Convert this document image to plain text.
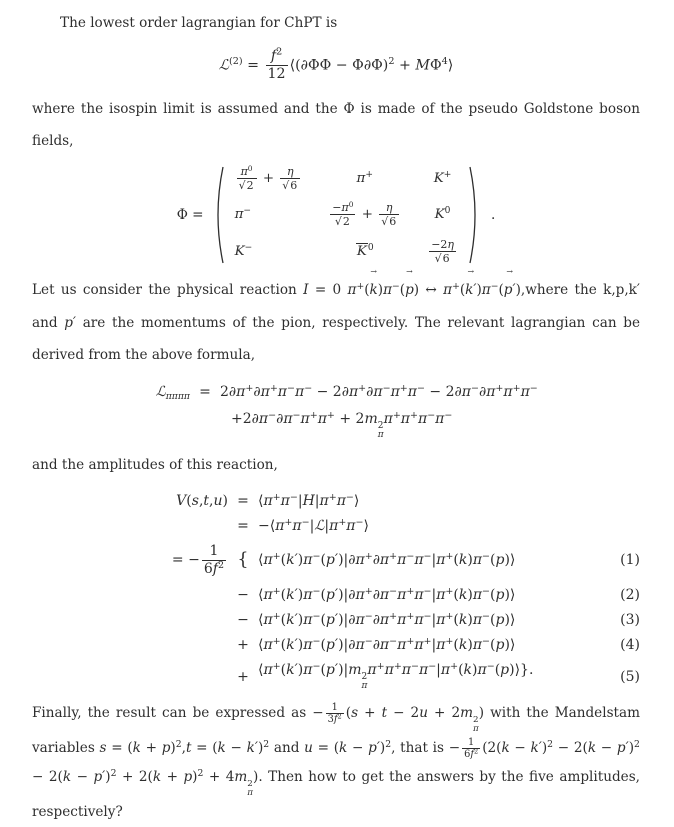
The lowest order lagrangian for ChPT is

ℒ$^{(2)}$ = $\frac{f^2}{12}$ ⟨(∂ΦΦ − $\Phi\partial\Phi)^2 + M\Phi^4⟩$

where the isospin limit is assumed and the Φ is made of the pseudo Goldstone boson fields,

Φ =
$\frac{\pi^0}{√2} + \frac{\eta}{√6}$	π+	K+
π−	$\frac{-\pi^0}{√2} + \frac{\eta}{√6}$	$K^0$
K−	$K^0$	$\frac{-2\eta}{√6}$
.

Let us consider the physical reaction I = 0 π+(k
→
)π−(p
→
) ↔ π+(k′
→
)π−(p′
→
),where the k,p,k′ and p′ are the momentums of the pion, respectively. The relevant lagrangian can be derived from the above formula,

ℒ$_{\pi\pi\pi\pi}$ = 2∂π+∂π+π−π− − 2∂π+∂π−π+π− − 2∂π−∂π+π+π−
+2∂π−∂π−π+π+ + 2m 2
π
π+π+π−π−

and the amplitudes of this reaction,

V(s,t,u) = ⟨π+π−|H|π+π−⟩
= −⟨π+π−|ℒ|π+π−⟩
= − $\frac{1}{6f^2}$ { ⟨π+(k′)π−(p′)|∂π+∂π+π−π−|π+(k)π−(p)⟩	(1)
− ⟨π+(k′)π−(p′)|∂π+∂π−π+π−|π+(k)π−(p)⟩	(2)
− ⟨π+(k′)π−(p′)|∂π−∂π+π+π−|π+(k)π−(p)⟩	(3)
+ ⟨π+(k′)π−(p′)|∂π−∂π−π+π+|π+(k)π−(p)⟩	(4)
+ ⟨π+(k′)π−(p′)|m 2
π
π+π+π−π−|π+(k)π−(p)⟩}.	(5)

Finally, the result can be expressed as − $\frac{1}{3f^2} (s + t - 2u + 2m$ 2
π
) with the Mandelstam variables $s = (k + p)^2,t = (k - k')^2$ and $u = (k - p')^2$, that is − $\frac{1}{6f^2} (2(k - k')^2 - 2(k - p')^2 - 2(k - p')^2 + 2(k + p)^2 + 4m$ 2
π
). Then how to get the answers by the five amplitudes, respectively?
